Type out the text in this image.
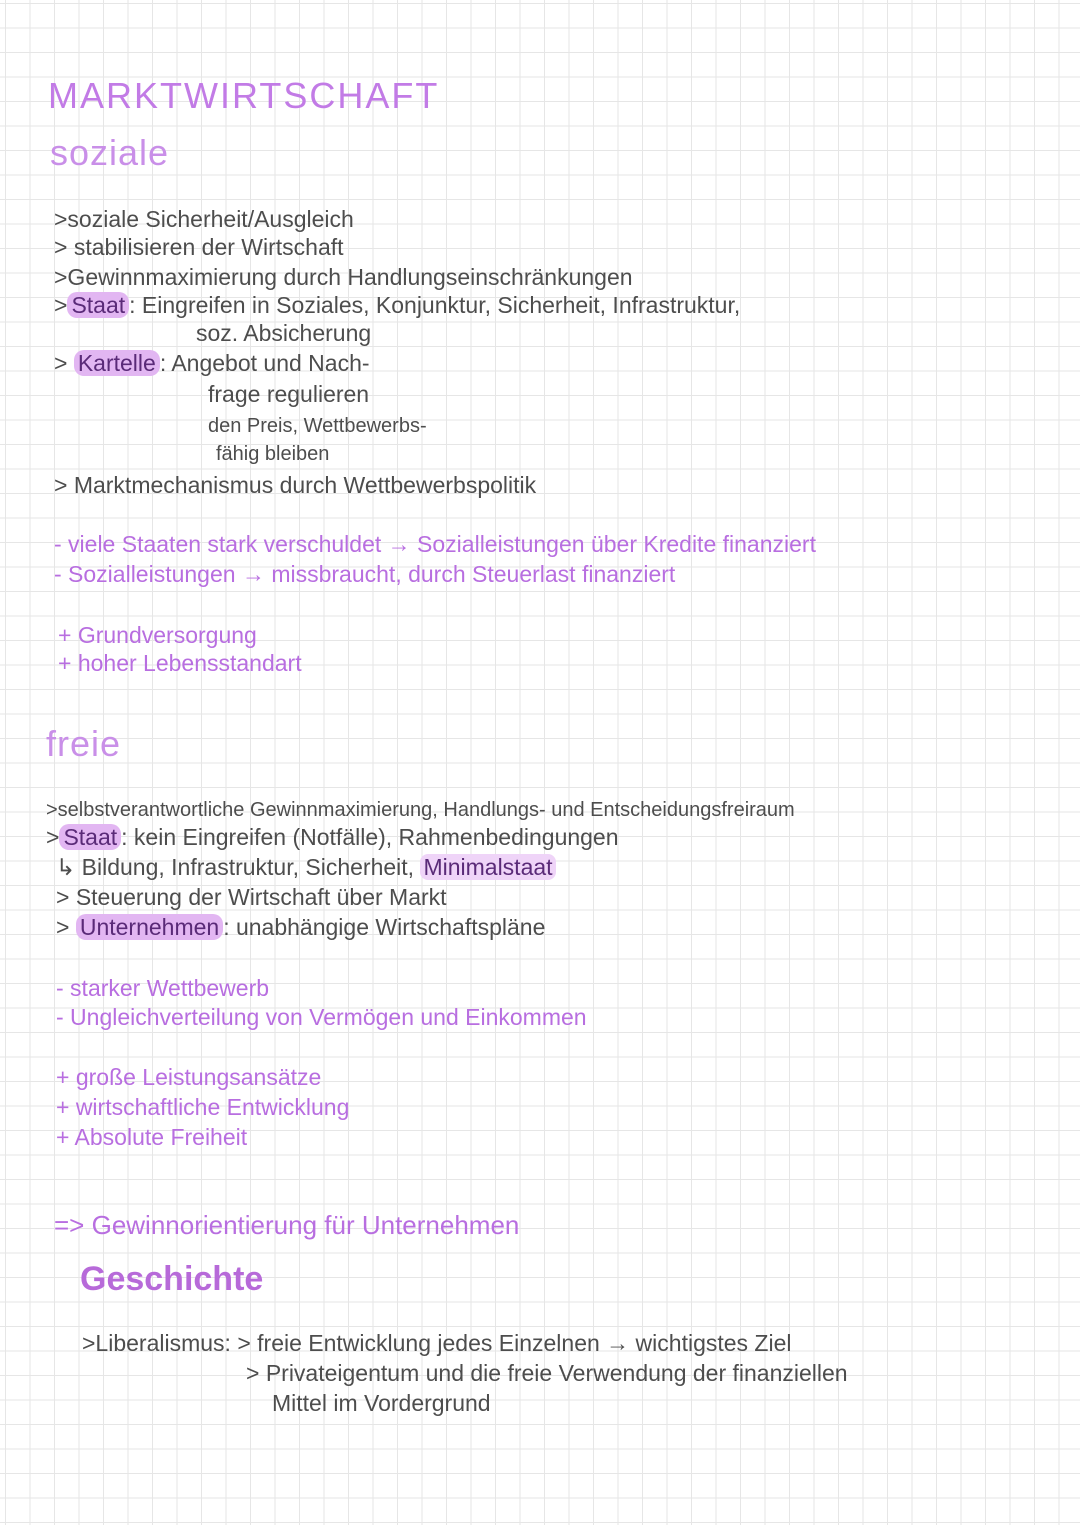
MARKTWIRTSCHAFT
soziale
>soziale Sicherheit/Ausgleich
> stabilisieren der Wirtschaft
>Gewinnmaximierung durch Handlungseinschränkungen
> Staat : Eingreifen in Soziales, Konjunktur, Sicherheit, Infrastruktur,
soz. Absicherung
> Kartelle : Angebot und Nach-
frage regulieren
den Preis, Wettbewerbs-
fähig bleiben
> Marktmechanismus durch Wettbewerbspolitik
- viele Staaten stark verschuldet → Sozialleistungen über Kredite finanziert
- Sozialleistungen → missbraucht, durch Steuerlast finanziert
+ Grundversorgung
+ hoher Lebensstandart
freie
>selbstverantwortliche Gewinnmaximierung, Handlungs- und Entscheidungsfreiraum
> Staat : kein Eingreifen (Notfälle), Rahmenbedingungen
↳ Bildung, Infrastruktur, Sicherheit, Minimalstaat
> Steuerung der Wirtschaft über Markt
> Unternehmen : unabhängige Wirtschaftspläne
- starker Wettbewerb
- Ungleichverteilung von Vermögen und Einkommen
+ große Leistungsansätze
+ wirtschaftliche Entwicklung
+ Absolute Freiheit
=> Gewinnorientierung für Unternehmen
Geschichte
>Liberalismus: > freie Entwicklung jedes Einzelnen → wichtigstes Ziel
> Privateigentum und die freie Verwendung der finanziellen
Mittel im Vordergrund
